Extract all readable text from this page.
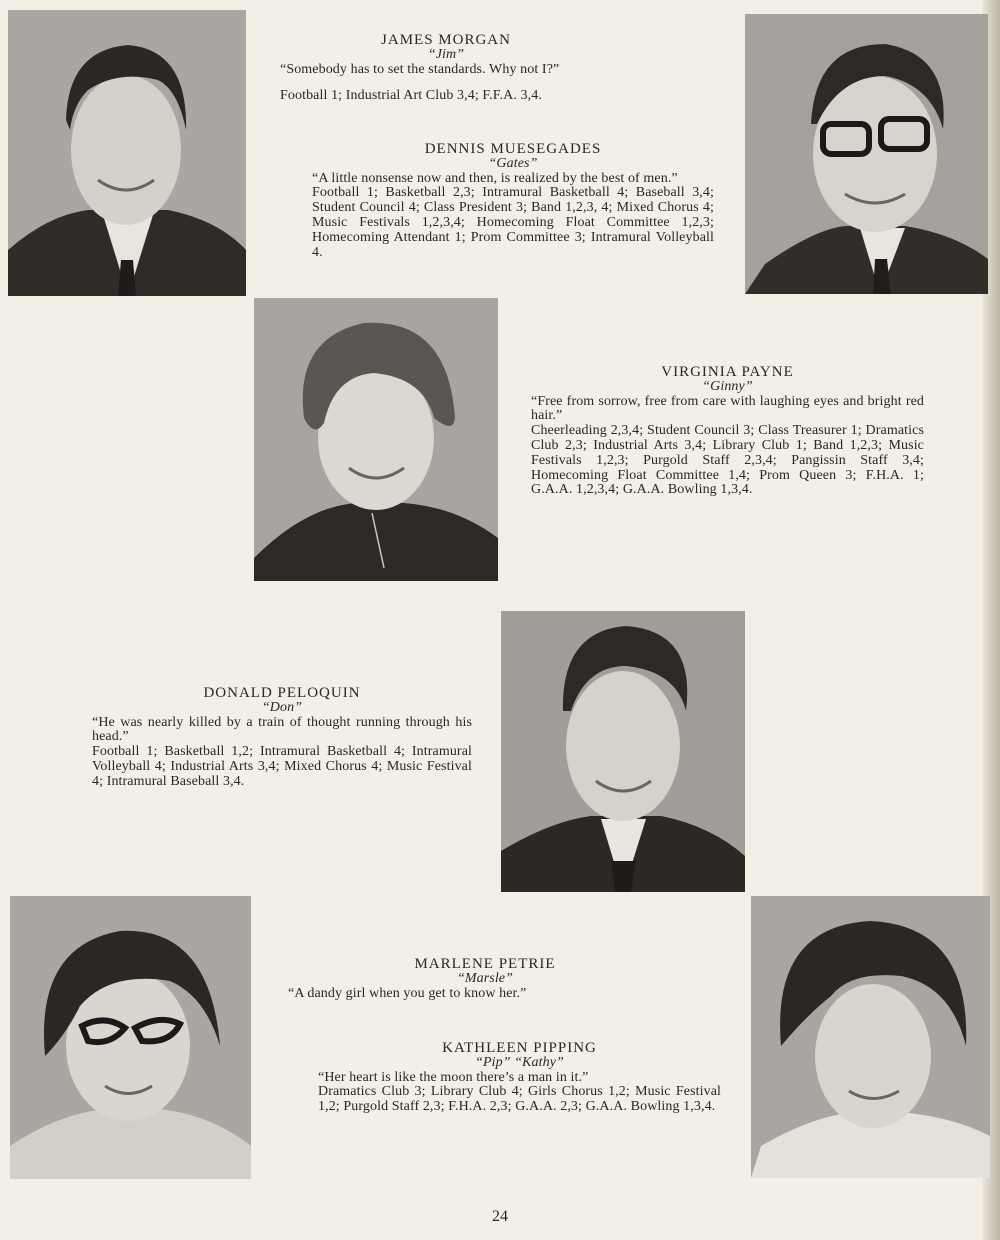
JAMES MORGAN
“Jim”
“Somebody has to set the standards. Why not I?”
Football 1; Industrial Art Club 3,4; F.F.A. 3,4.
DENNIS MUESEGADES
“Gates”
“A little nonsense now and then, is realized by the best of men.”
Football 1; Basketball 2,3; Intramural Basketball 4; Baseball 3,4; Student Council 4; Class President 3; Band 1,2,3, 4; Mixed Chorus 4; Music Festivals 1,2,3,4; Homecoming Float Committee 1,2,3; Homecoming Attendant 1; Prom Committee 3; Intramural Volleyball 4.
VIRGINIA PAYNE
“Ginny”
“Free from sorrow, free from care with laughing eyes and bright red hair.”
Cheerleading 2,3,4; Student Council 3; Class Treasurer 1; Dramatics Club 2,3; Industrial Arts 3,4; Library Club 1; Band 1,2,3; Music Festivals 1,2,3; Purgold Staff 2,3,4; Pangissin Staff 3,4; Homecoming Float Committee 1,4; Prom Queen 3; F.H.A. 1; G.A.A. 1,2,3,4; G.A.A. Bowling 1,3,4.
DONALD PELOQUIN
“Don”
“He was nearly killed by a train of thought running through his head.”
Football 1; Basketball 1,2; Intramural Basketball 4; Intramural Volleyball 4; Industrial Arts 3,4; Mixed Chorus 4; Music Festival 4; Intramural Baseball 3,4.
MARLENE PETRIE
“Marsle”
“A dandy girl when you get to know her.”
KATHLEEN PIPPING
“Pip” “Kathy”
“Her heart is like the moon there’s a man in it.”
Dramatics Club 3; Library Club 4; Girls Chorus 1,2; Music Festival 1,2; Purgold Staff 2,3; F.H.A. 2,3; G.A.A. 2,3; G.A.A. Bowling 1,3,4.
24
